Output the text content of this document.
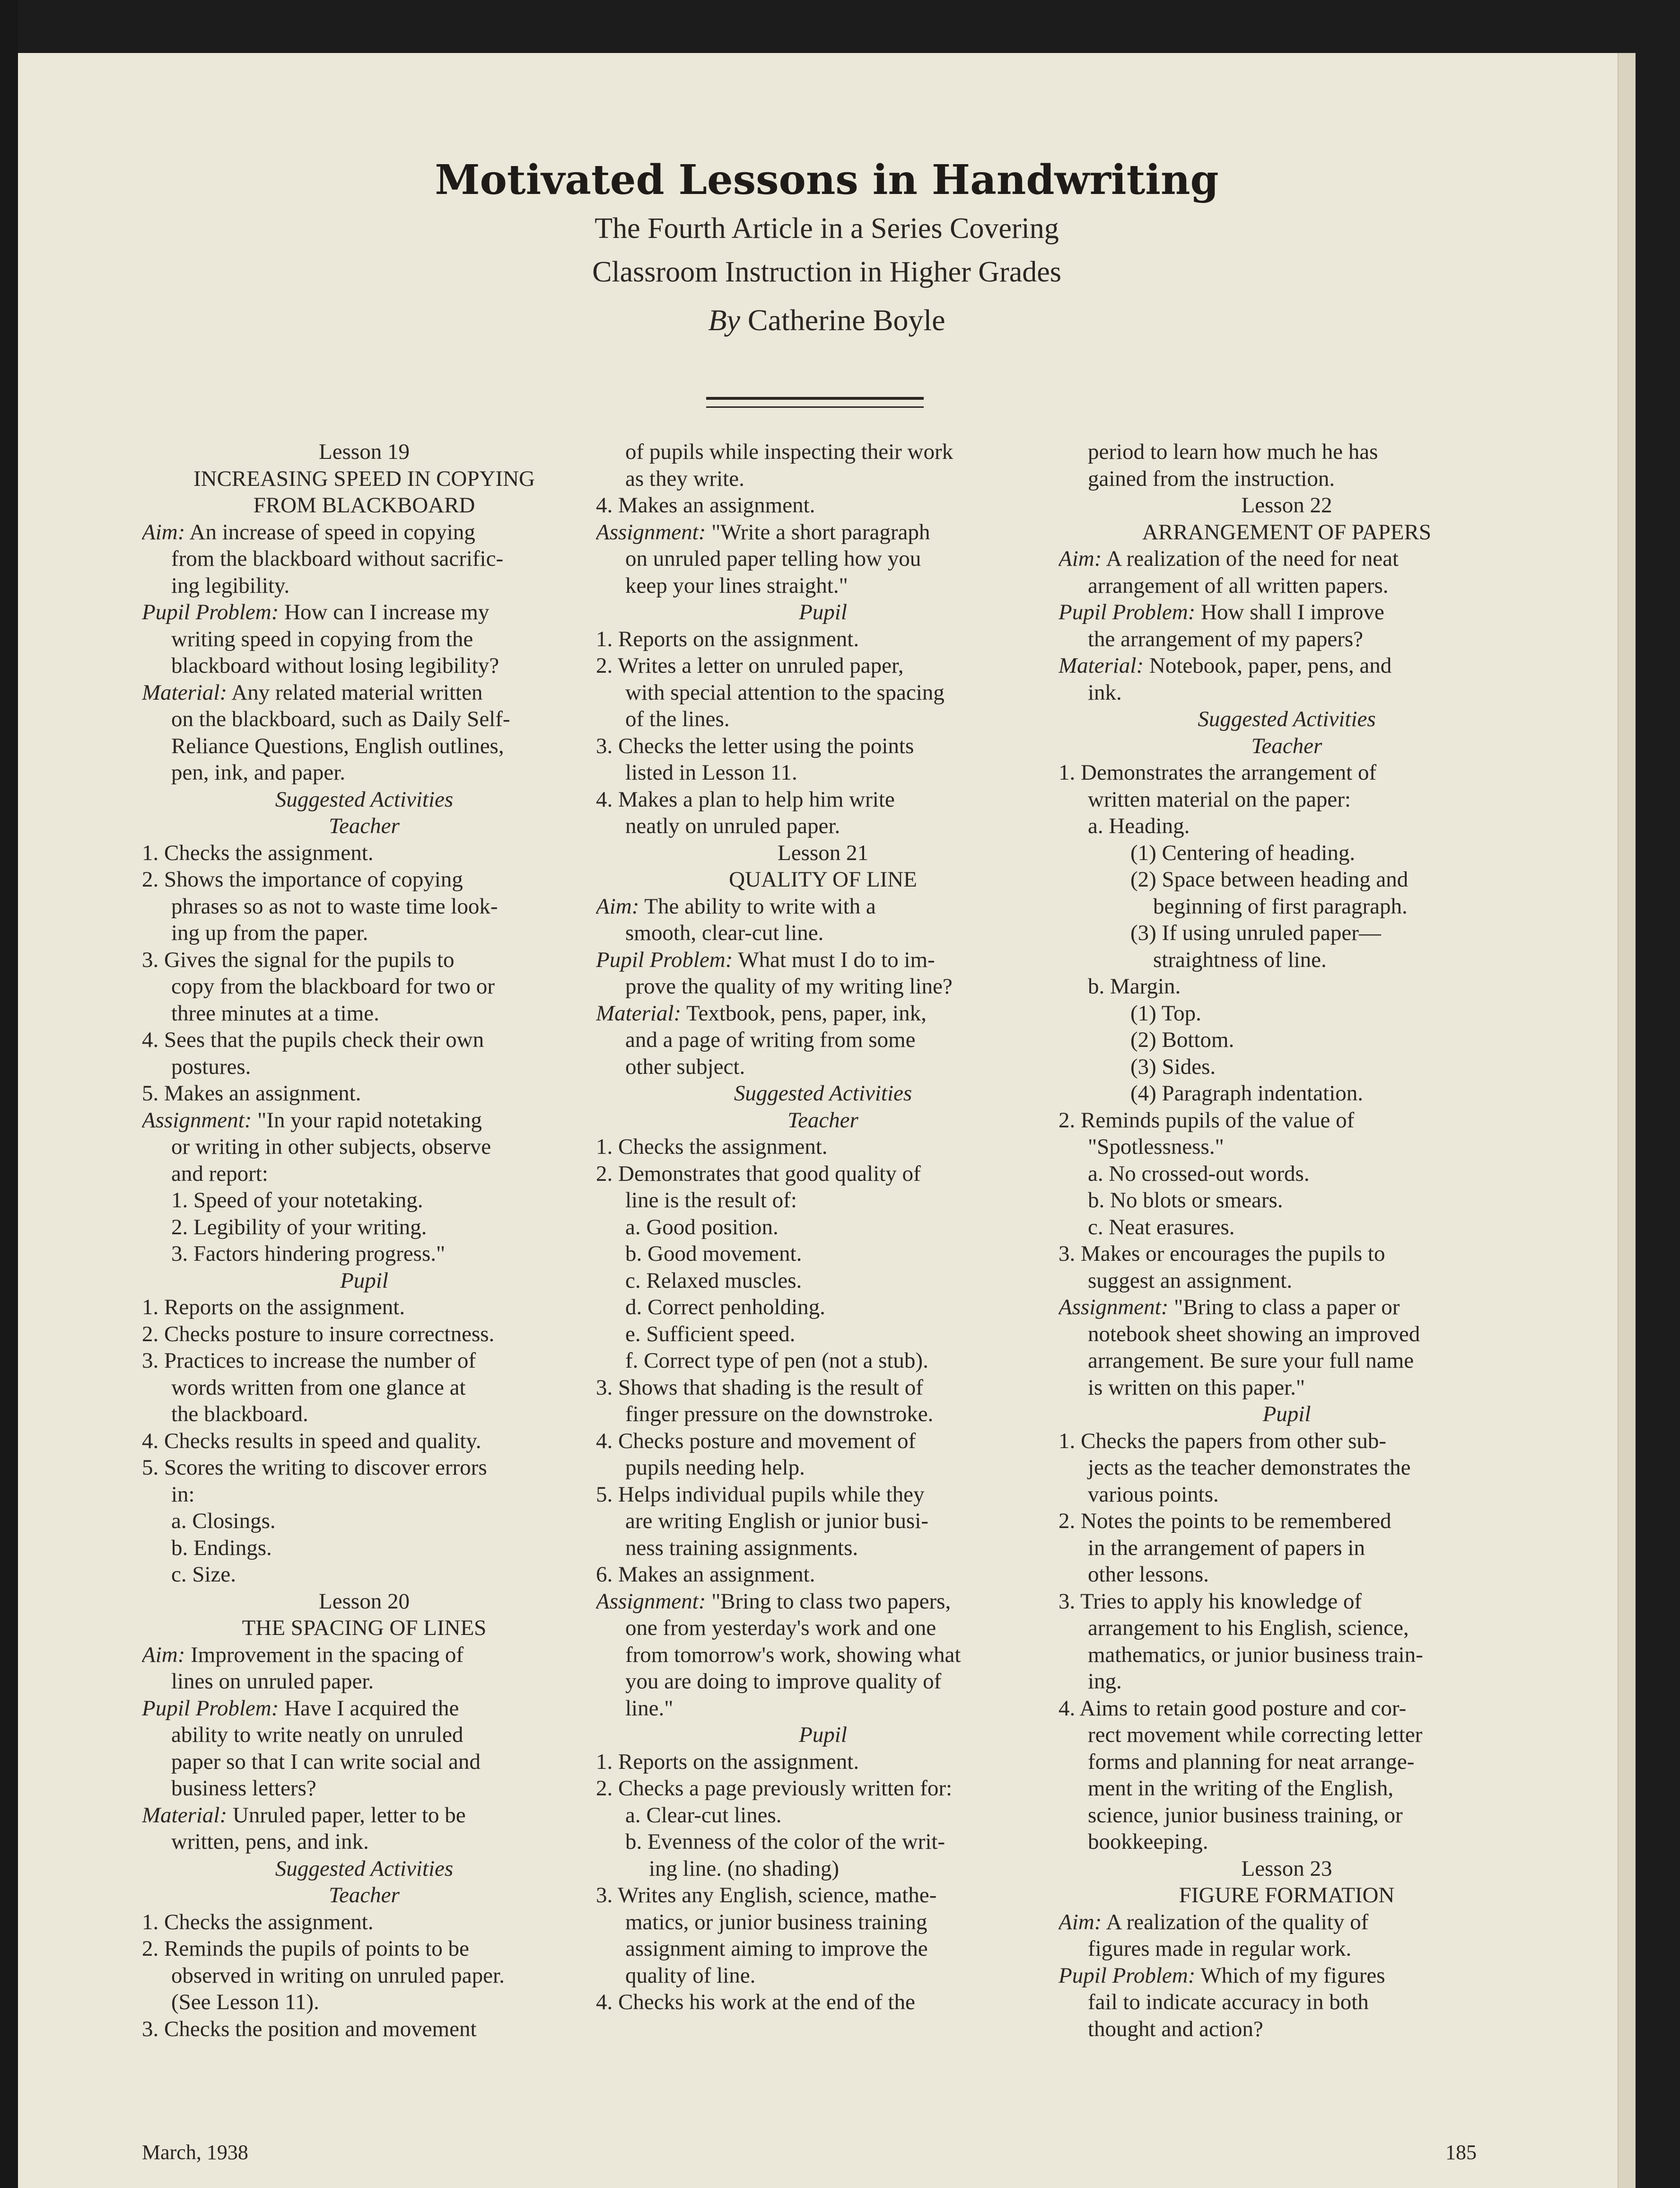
Motivated Lessons in Handwriting
The Fourth Article in a Series Covering
Classroom Instruction in Higher Grades
By Catherine Boyle
Lesson 19
INCREASING SPEED IN COPYING
FROM BLACKBOARD
Aim: An increase of speed in copying
from the blackboard without sacrific-
ing legibility.
Pupil Problem: How can I increase my
writing speed in copying from the
blackboard without losing legibility?
Material: Any related material written
on the blackboard, such as Daily Self-
Reliance Questions, English outlines,
pen, ink, and paper.
Suggested Activities
Teacher
1. Checks the assignment.
2. Shows the importance of copying
phrases so as not to waste time look-
ing up from the paper.
3. Gives the signal for the pupils to
copy from the blackboard for two or
three minutes at a time.
4. Sees that the pupils check their own
postures.
5. Makes an assignment.
Assignment: "In your rapid notetaking
or writing in other subjects, observe
and report:
1. Speed of your notetaking.
2. Legibility of your writing.
3. Factors hindering progress."
Pupil
1. Reports on the assignment.
2. Checks posture to insure correctness.
3. Practices to increase the number of
words written from one glance at
the blackboard.
4. Checks results in speed and quality.
5. Scores the writing to discover errors
in:
a. Closings.
b. Endings.
c. Size.
Lesson 20
THE SPACING OF LINES
Aim: Improvement in the spacing of
lines on unruled paper.
Pupil Problem: Have I acquired the
ability to write neatly on unruled
paper so that I can write social and
business letters?
Material: Unruled paper, letter to be
written, pens, and ink.
Suggested Activities
Teacher
1. Checks the assignment.
2. Reminds the pupils of points to be
observed in writing on unruled paper.
(See Lesson 11).
3. Checks the position and movement
of pupils while inspecting their work
as they write.
4. Makes an assignment.
Assignment: "Write a short paragraph
on unruled paper telling how you
keep your lines straight."
Pupil
1. Reports on the assignment.
2. Writes a letter on unruled paper,
with special attention to the spacing
of the lines.
3. Checks the letter using the points
listed in Lesson 11.
4. Makes a plan to help him write
neatly on unruled paper.
Lesson 21
QUALITY OF LINE
Aim: The ability to write with a
smooth, clear-cut line.
Pupil Problem: What must I do to im-
prove the quality of my writing line?
Material: Textbook, pens, paper, ink,
and a page of writing from some
other subject.
Suggested Activities
Teacher
1. Checks the assignment.
2. Demonstrates that good quality of
line is the result of:
a. Good position.
b. Good movement.
c. Relaxed muscles.
d. Correct penholding.
e. Sufficient speed.
f. Correct type of pen (not a stub).
3. Shows that shading is the result of
finger pressure on the downstroke.
4. Checks posture and movement of
pupils needing help.
5. Helps individual pupils while they
are writing English or junior busi-
ness training assignments.
6. Makes an assignment.
Assignment: "Bring to class two papers,
one from yesterday's work and one
from tomorrow's work, showing what
you are doing to improve quality of
line."
Pupil
1. Reports on the assignment.
2. Checks a page previously written for:
a. Clear-cut lines.
b. Evenness of the color of the writ-
ing line. (no shading)
3. Writes any English, science, mathe-
matics, or junior business training
assignment aiming to improve the
quality of line.
4. Checks his work at the end of the
period to learn how much he has
gained from the instruction.
Lesson 22
ARRANGEMENT OF PAPERS
Aim: A realization of the need for neat
arrangement of all written papers.
Pupil Problem: How shall I improve
the arrangement of my papers?
Material: Notebook, paper, pens, and
ink.
Suggested Activities
Teacher
1. Demonstrates the arrangement of
written material on the paper:
a. Heading.
(1) Centering of heading.
(2) Space between heading and
beginning of first paragraph.
(3) If using unruled paper—
straightness of line.
b. Margin.
(1) Top.
(2) Bottom.
(3) Sides.
(4) Paragraph indentation.
2. Reminds pupils of the value of
"Spotlessness."
a. No crossed-out words.
b. No blots or smears.
c. Neat erasures.
3. Makes or encourages the pupils to
suggest an assignment.
Assignment: "Bring to class a paper or
notebook sheet showing an improved
arrangement. Be sure your full name
is written on this paper."
Pupil
1. Checks the papers from other sub-
jects as the teacher demonstrates the
various points.
2. Notes the points to be remembered
in the arrangement of papers in
other lessons.
3. Tries to apply his knowledge of
arrangement to his English, science,
mathematics, or junior business train-
ing.
4. Aims to retain good posture and cor-
rect movement while correcting letter
forms and planning for neat arrange-
ment in the writing of the English,
science, junior business training, or
bookkeeping.
Lesson 23
FIGURE FORMATION
Aim: A realization of the quality of
figures made in regular work.
Pupil Problem: Which of my figures
fail to indicate accuracy in both
thought and action?
March, 1938	185
